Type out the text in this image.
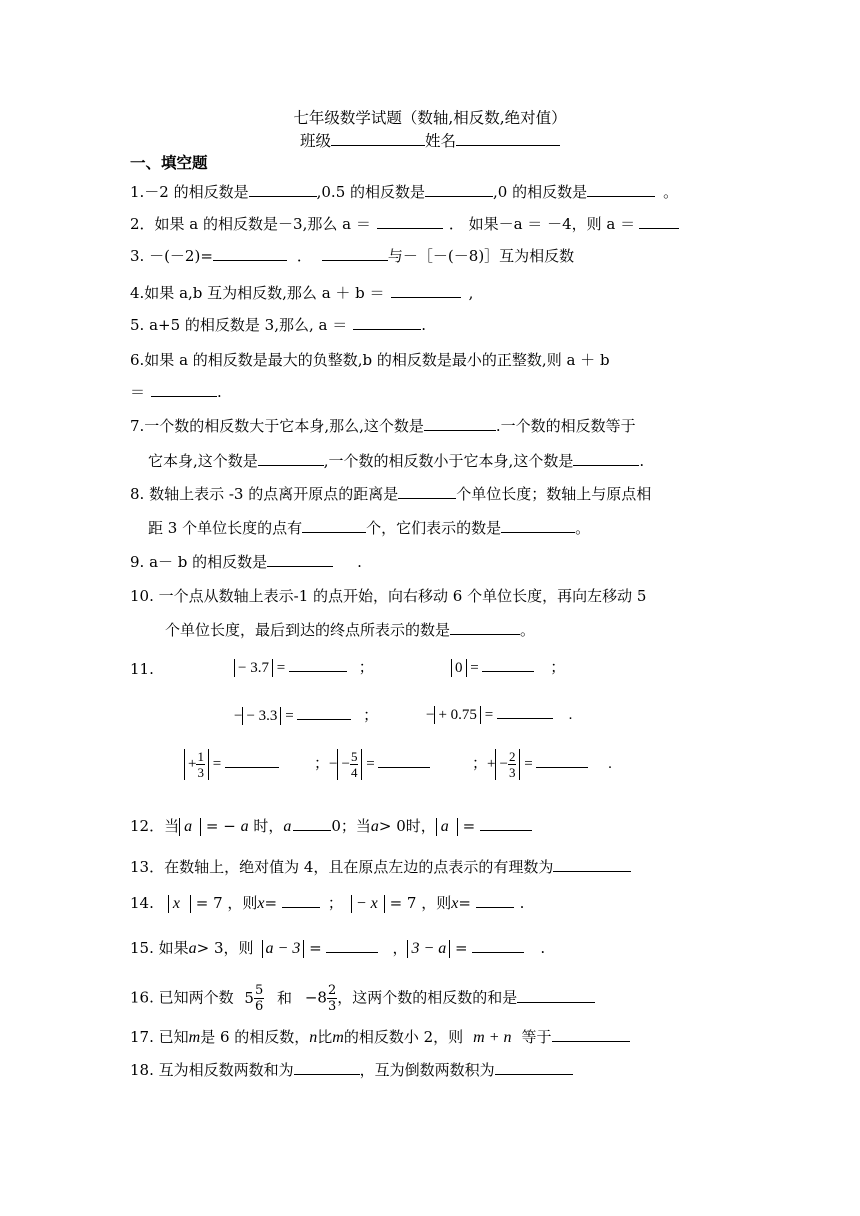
七年级数学试题（数轴,相反数,绝对值）
班级	姓名
一、填空题
1.－2 的相反数是	,0.5 的相反数是	,0 的相反数是	。
2．如果 a 的相反数是－3,那么 a ＝	． 如果－a ＝ －4，则 a ＝
3. －(－2)=	．	与－［－(－8)］互为相反数
4.如果 a,b 互为相反数,那么 a ＋ b ＝	,
5. a+5 的相反数是 3,那么, a ＝	.
6.如果 a 的相反数是最大的负整数,b 的相反数是最小的正整数,则 a ＋ b
＝	.
7.一个数的相反数大于它本身,那么,这个数是	.一个数的相反数等于
它本身,这个数是	,一个数的相反数小于它本身,这个数是	.
8. 数轴上表示 -3 的点离开原点的距离是	个单位长度；数轴上与原点相
距 3 个单位长度的点有	个，它们表示的数是	。
9. a－ b 的相反数是	.
10. 一个点从数轴上表示-1 的点开始，向右移动 6 个单位长度，再向左移动 5
个单位长度，最后到达的终点所表示的数是	。
11.	− 3.7 =	；	0 =	；
− − 3.3 =	；	− + 0.75 =	.
+ $\frac{1}{3}$ =	；− − $\frac{5}{4}$ =	；+ − $\frac{2}{3}$ =	.
12．当 a = − a 时，a	0；当a> 0时， a =
13．在数轴上，绝对值为 4，且在原点左边的点表示的有理数为
14. x = 7 ，则x=	； − x = 7 ，则x=	.
15. 如果a> 3，则 a − 3 =	， 3 − a =	.
16. 已知两个数 $5 \frac{5}{6}$ 和 $-8 \frac{2}{3}$ ，这两个数的相反数的和是
17. 已知m是 6 的相反数，n比m的相反数小 2，则 m + n 等于
18. 互为相反数两数和为	，互为倒数两数积为
